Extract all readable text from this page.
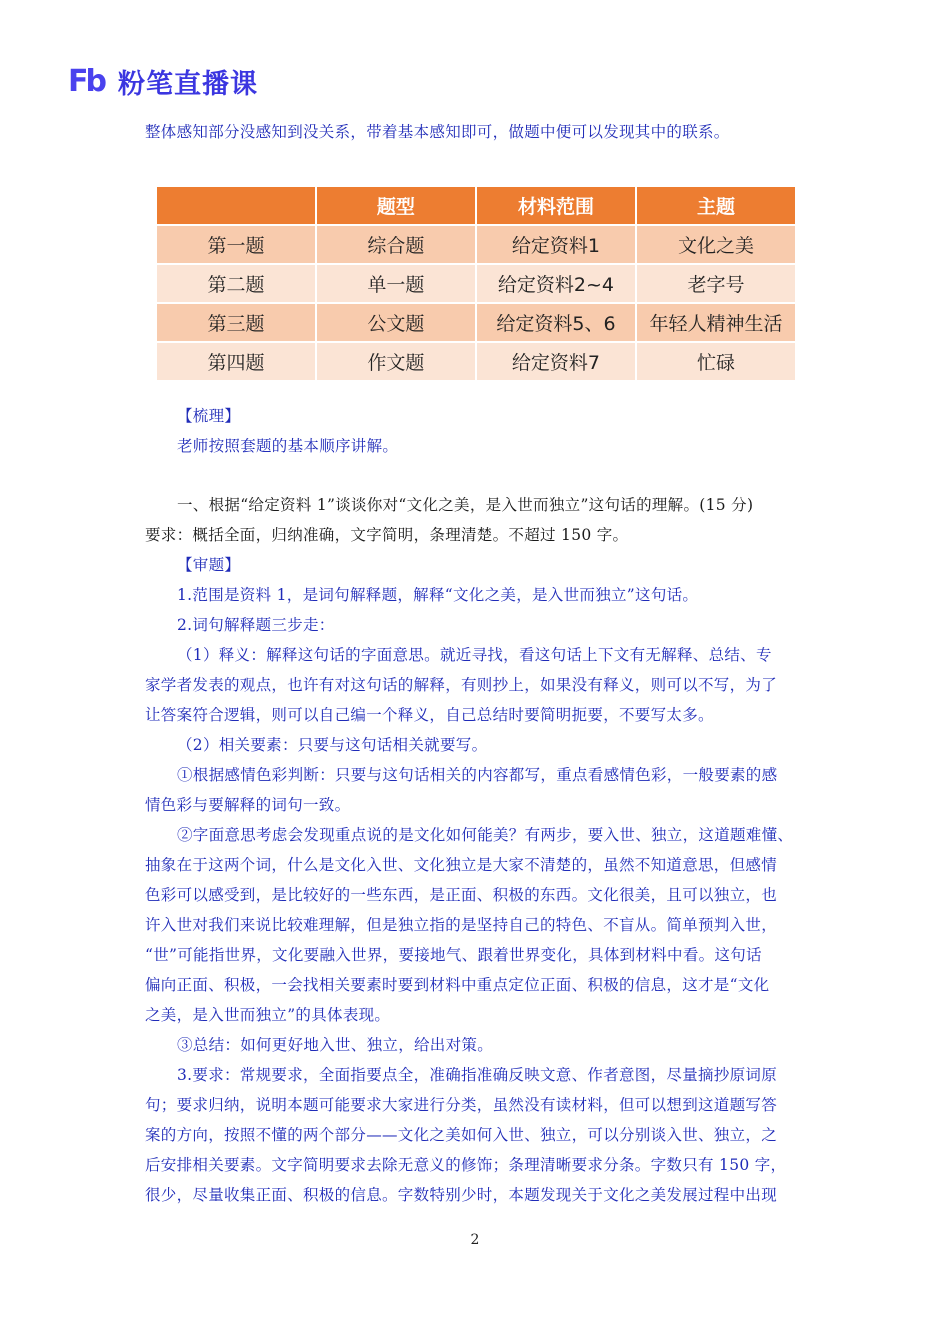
Fb 粉笔直播课
整体感知部分没感知到没关系，带着基本感知即可，做题中便可以发现其中的联系。
	题型	材料范围	主题
第一题	综合题	给定资料1	文化之美
第二题	单一题	给定资料2~4	老字号
第三题	公文题	给定资料5、6	年轻人精神生活
第四题	作文题	给定资料7	忙碌
【梳理】
老师按照套题的基本顺序讲解。
一、根据“给定资料 1”谈谈你对“文化之美，是入世而独立”这句话的理解。(15 分)
要求：概括全面，归纳准确，文字简明，条理清楚。不超过 150 字。
【审题】
1.范围是资料 1，是词句解释题，解释“文化之美，是入世而独立”这句话。
2.词句解释题三步走：
（1）释义：解释这句话的字面意思。就近寻找，看这句话上下文有无解释、总结、专
家学者发表的观点，也许有对这句话的解释，有则抄上，如果没有释义，则可以不写，为了
让答案符合逻辑，则可以自己编一个释义，自己总结时要简明扼要，不要写太多。
（2）相关要素：只要与这句话相关就要写。
①根据感情色彩判断：只要与这句话相关的内容都写，重点看感情色彩，一般要素的感
情色彩与要解释的词句一致。
②字面意思考虑会发现重点说的是文化如何能美？有两步，要入世、独立，这道题难懂、
抽象在于这两个词，什么是文化入世、文化独立是大家不清楚的，虽然不知道意思，但感情
色彩可以感受到，是比较好的一些东西，是正面、积极的东西。文化很美，且可以独立，也
许入世对我们来说比较难理解，但是独立指的是坚持自己的特色、不盲从。简单预判入世，
“世”可能指世界，文化要融入世界，要接地气、跟着世界变化，具体到材料中看。这句话
偏向正面、积极，一会找相关要素时要到材料中重点定位正面、积极的信息，这才是“文化
之美，是入世而独立”的具体表现。
③总结：如何更好地入世、独立，给出对策。
3.要求：常规要求，全面指要点全，准确指准确反映文意、作者意图，尽量摘抄原词原
句；要求归纳，说明本题可能要求大家进行分类，虽然没有读材料，但可以想到这道题写答
案的方向，按照不懂的两个部分——文化之美如何入世、独立，可以分别谈入世、独立，之
后安排相关要素。文字简明要求去除无意义的修饰；条理清晰要求分条。字数只有 150 字，
很少，尽量收集正面、积极的信息。字数特别少时，本题发现关于文化之美发展过程中出现
2
